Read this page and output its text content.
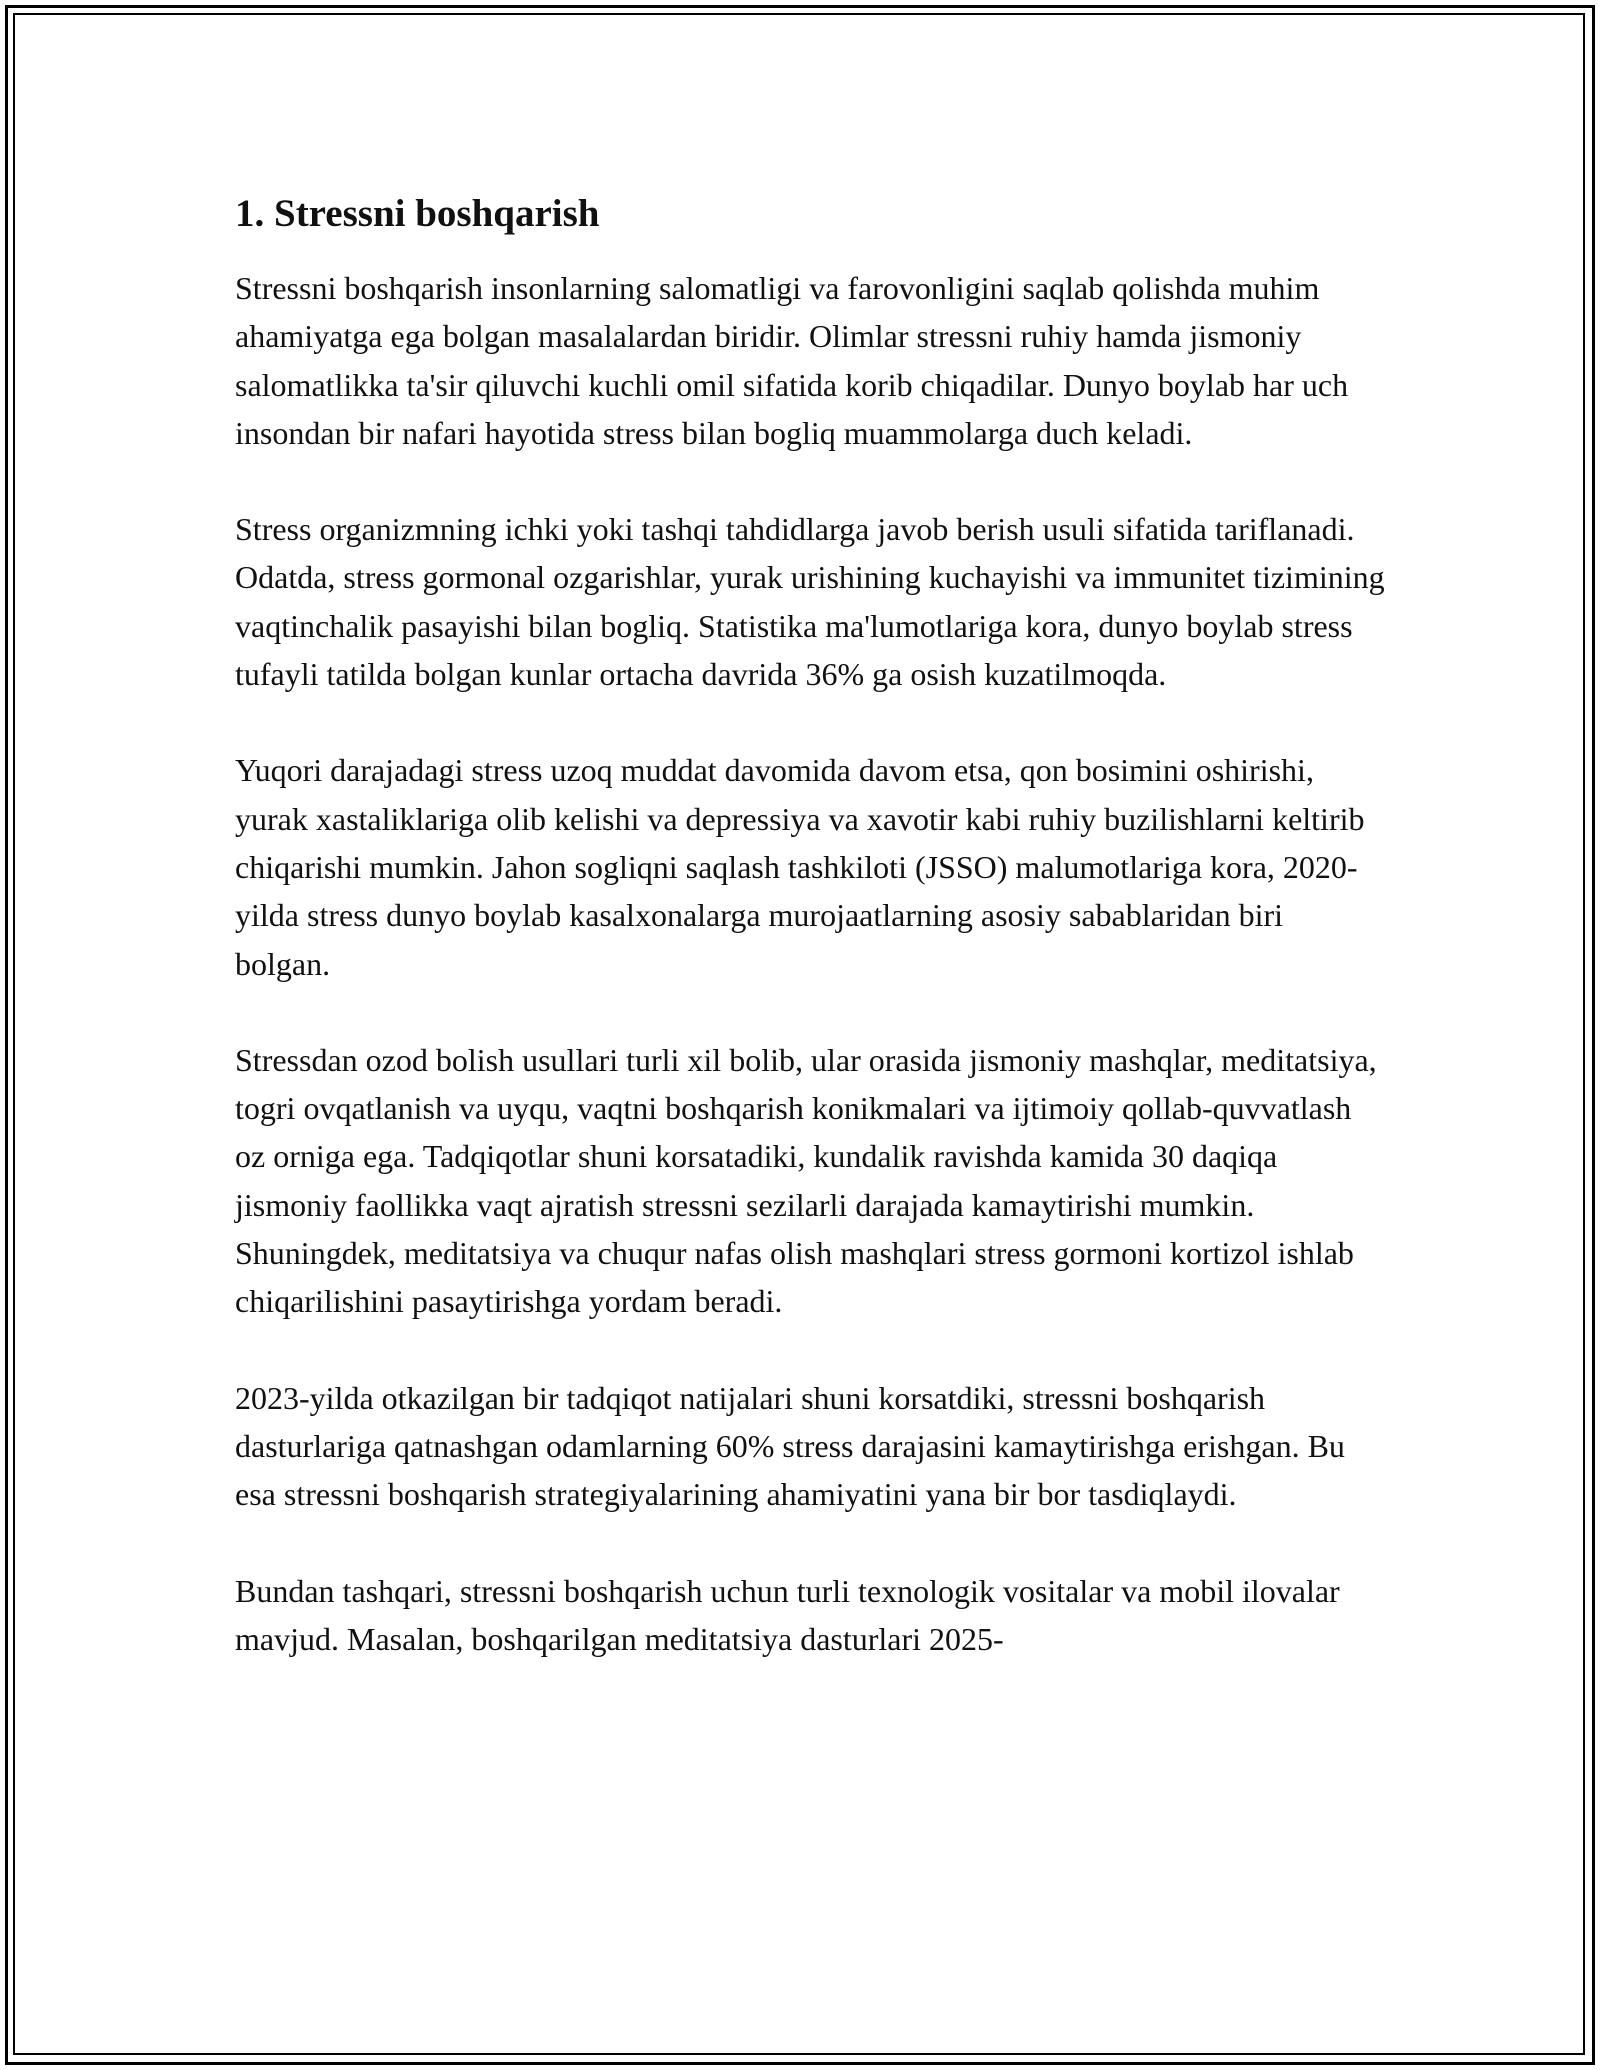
1. Stressni boshqarish

Stressni boshqarish insonlarning salomatligi va farovonligini saqlab qolishda muhim ahamiyatga ega bolgan masalalardan biridir. Olimlar stressni ruhiy hamda jismoniy salomatlikka ta'sir qiluvchi kuchli omil sifatida korib chiqadilar. Dunyo boylab har uch insondan bir nafari hayotida stress bilan bogliq muammolarga duch keladi.

Stress organizmning ichki yoki tashqi tahdidlarga javob berish usuli sifatida tariflanadi. Odatda, stress gormonal ozgarishlar, yurak urishining kuchayishi va immunitet tizimining vaqtinchalik pasayishi bilan bogliq. Statistika ma'lumotlariga kora, dunyo boylab stress tufayli tatilda bolgan kunlar ortacha davrida 36% ga osish kuzatilmoqda.

Yuqori darajadagi stress uzoq muddat davomida davom etsa, qon bosimini oshirishi, yurak xastaliklariga olib kelishi va depressiya va xavotir kabi ruhiy buzilishlarni keltirib chiqarishi mumkin. Jahon sogliqni saqlash tashkiloti (JSSO) malumotlariga kora, 2020-yilda stress dunyo boylab kasalxonalarga murojaatlarning asosiy sabablaridan biri bolgan.

Stressdan ozod bolish usullari turli xil bolib, ular orasida jismoniy mashqlar, meditatsiya, togri ovqatlanish va uyqu, vaqtni boshqarish konikmalari va ijtimoiy qollab-quvvatlash oz orniga ega. Tadqiqotlar shuni korsatadiki, kundalik ravishda kamida 30 daqiqa jismoniy faollikka vaqt ajratish stressni sezilarli darajada kamaytirishi mumkin. Shuningdek, meditatsiya va chuqur nafas olish mashqlari stress gormoni kortizol ishlab chiqarilishini pasaytirishga yordam beradi.

2023-yilda otkazilgan bir tadqiqot natijalari shuni korsatdiki, stressni boshqarish dasturlariga qatnashgan odamlarning 60% stress darajasini kamaytirishga erishgan. Bu esa stressni boshqarish strategiyalarining ahamiyatini yana bir bor tasdiqlaydi.

Bundan tashqari, stressni boshqarish uchun turli texnologik vositalar va mobil ilovalar mavjud. Masalan, boshqarilgan meditatsiya dasturlari 2025-
